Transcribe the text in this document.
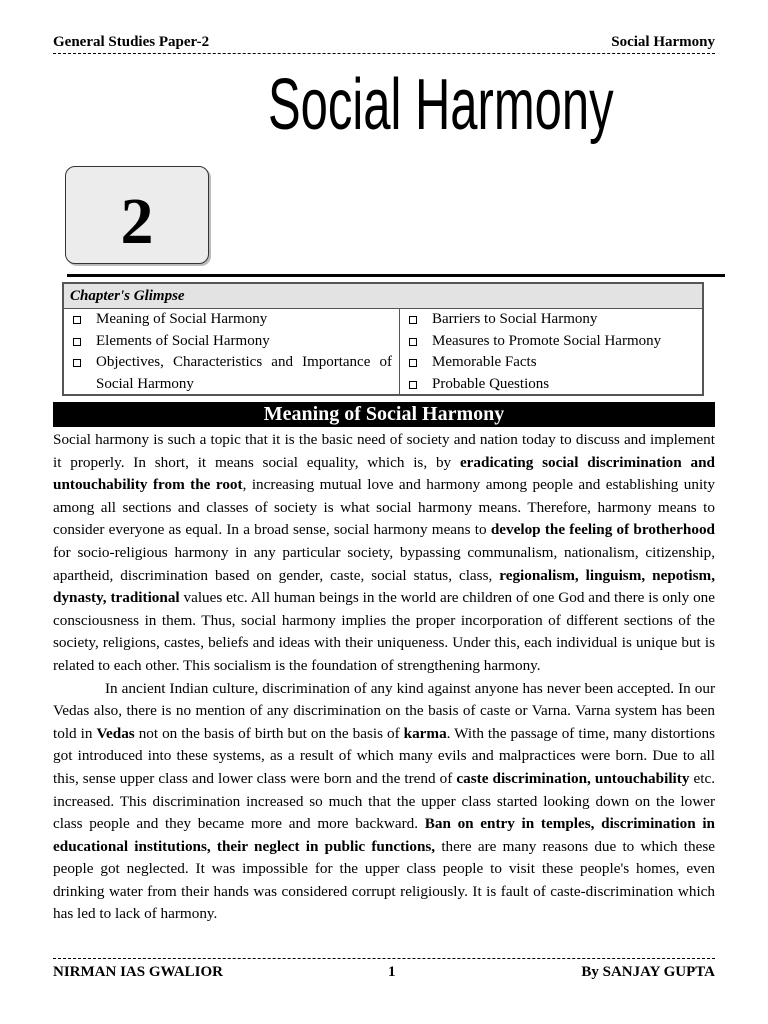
General Studies Paper-2	Social Harmony
Social Harmony
2
Chapter's Glimpse
Meaning of Social Harmony
Elements of Social Harmony
Objectives, Characteristics and Importance of Social Harmony
Barriers to Social Harmony
Measures to Promote Social Harmony
Memorable Facts
Probable Questions
Meaning of Social Harmony

Social harmony is such a topic that it is the basic need of society and nation today to discuss and implement it properly. In short, it means social equality, which is, by eradicating social discrimination and untouchability from the root, increasing mutual love and harmony among people and establishing unity among all sections and classes of society is what social harmony means. Therefore, harmony means to consider everyone as equal. In a broad sense, social harmony means to develop the feeling of brotherhood for socio-religious harmony in any particular society, bypassing communalism, nationalism, citizenship, apartheid, discrimination based on gender, caste, social status, class, regionalism, linguism, nepotism, dynasty, traditional values etc. All human beings in the world are children of one God and there is only one consciousness in them. Thus, social harmony implies the proper incorporation of different sections of the society, religions, castes, beliefs and ideas with their uniqueness. Under this, each individual is unique but is related to each other. This socialism is the foundation of strengthening harmony.

In ancient Indian culture, discrimination of any kind against anyone has never been accepted. In our Vedas also, there is no mention of any discrimination on the basis of caste or Varna. Varna system has been told in Vedas not on the basis of birth but on the basis of karma. With the passage of time, many distortions got introduced into these systems, as a result of which many evils and malpractices were born. Due to all this, sense upper class and lower class were born and the trend of caste discrimination, untouchability etc. increased. This discrimination increased so much that the upper class started looking down on the lower class people and they became more and more backward. Ban on entry in temples, discrimination in educational institutions, their neglect in public functions, there are many reasons due to which these people got neglected. It was impossible for the upper class people to visit these people's homes, even drinking water from their hands was considered corrupt religiously. It is fault of caste-discrimination which has led to lack of harmony.

NIRMAN IAS GWALIOR	1	By SANJAY GUPTA
